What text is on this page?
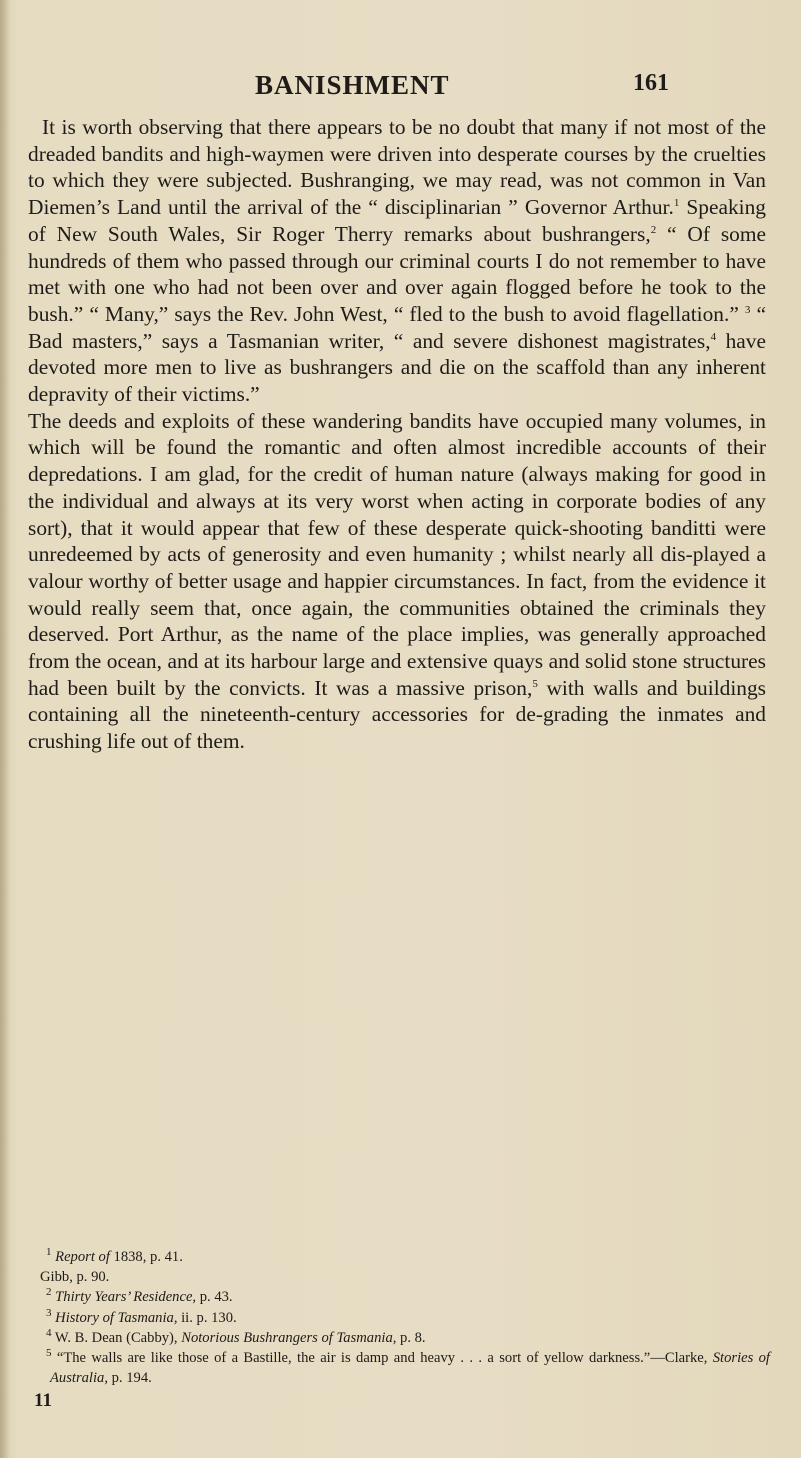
BANISHMENT	161

It is worth observing that there appears to be no doubt that many if not most of the dreaded bandits and high-waymen were driven into desperate courses by the cruelties to which they were subjected. Bushranging, we may read, was not common in Van Diemen’s Land until the arrival of the “ disciplinarian ” Governor Arthur.$^1$ Speaking of New South Wales, Sir Roger Therry remarks about bushrangers,$^2$ “ Of some hundreds of them who passed through our criminal courts I do not remember to have met with one who had not been over and over again flogged before he took to the bush.” “ Many,” says the Rev. John West, “ fled to the bush to avoid flagellation.” $^3$ “ Bad masters,” says a Tasmanian writer, “ and severe dishonest magistrates,$^4$ have devoted more men to live as bushrangers and die on the scaffold than any inherent depravity of their victims.”

The deeds and exploits of these wandering bandits have occupied many volumes, in which will be found the romantic and often almost incredible accounts of their depredations. I am glad, for the credit of human nature (always making for good in the individual and always at its very worst when acting in corporate bodies of any sort), that it would appear that few of these desperate quick-shooting banditti were unredeemed by acts of generosity and even humanity ; whilst nearly all dis-played a valour worthy of better usage and happier circumstances. In fact, from the evidence it would really seem that, once again, the communities obtained the criminals they deserved. Port Arthur, as the name of the place implies, was generally approached from the ocean, and at its harbour large and extensive quays and solid stone structures had been built by the convicts. It was a massive prison,$^5$ with walls and buildings containing all the nineteenth-century accessories for de-grading the inmates and crushing life out of them.

$^1$ Report of 1838, p. 41.

Gibb, p. 90.

$^2$ Thirty Years’ Residence, p. 43.

$^3$ History of Tasmania, ii. p. 130.

$^4$ W. B. Dean (Cabby), Notorious Bushrangers of Tasmania, p. 8.

$^5$ “The walls are like those of a Bastille, the air is damp and heavy . . . a sort of yellow darkness.”—Clarke, Stories of Australia, p. 194.

11
